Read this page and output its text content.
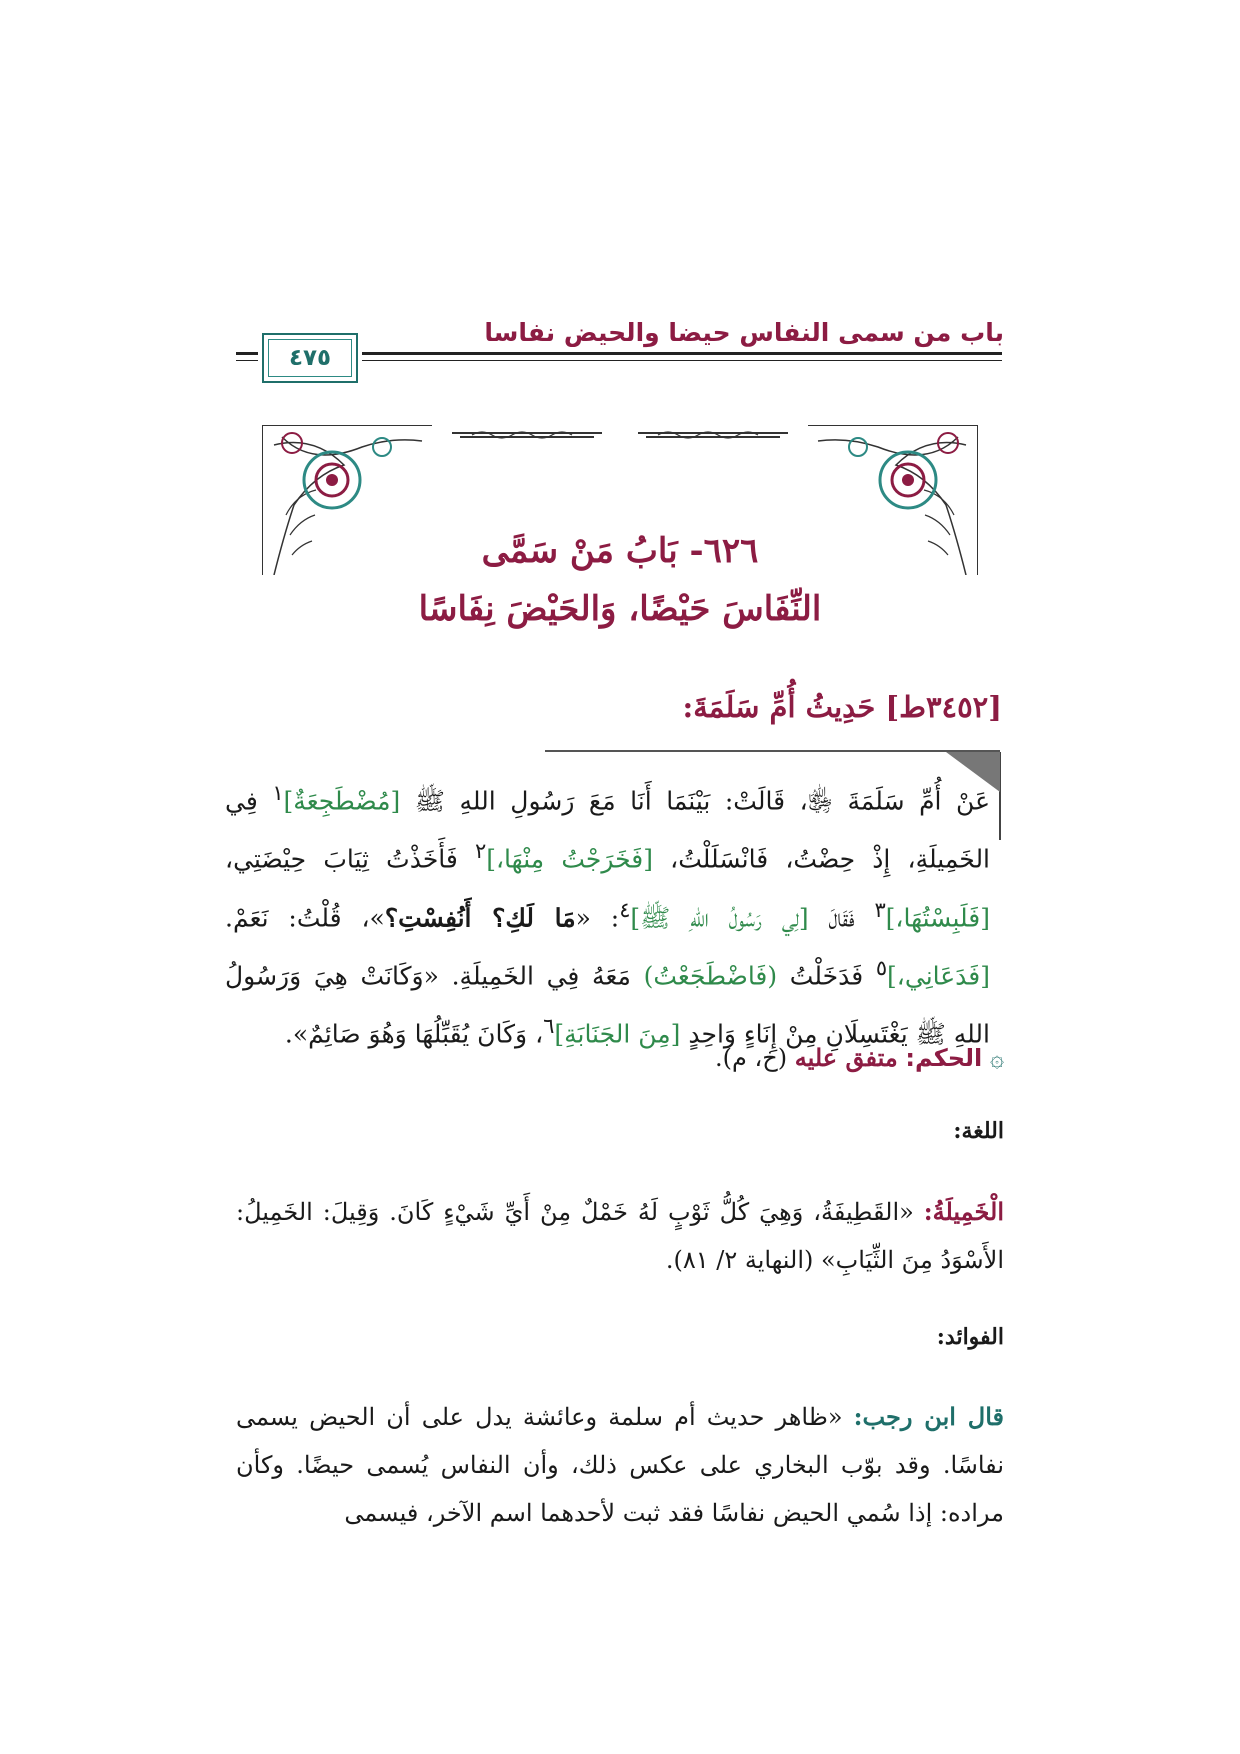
باب من سمى النفاس حيضا والحيض نفاسا
٤٧٥
٦٢٦- بَابُ مَنْ سَمَّى
النِّفَاسَ حَيْضًا، وَالحَيْضَ نِفَاسًا
[٣٤٥٢ط] حَدِيثُ أُمِّ سَلَمَةَ:
عَنْ أُمِّ سَلَمَةَ ﵂، قَالَتْ: بَيْنَمَا أَنَا مَعَ رَسُولِ اللهِ ﷺ [مُضْطَجِعَةٌ]$^١$ فِي الخَمِيلَةِ، إِذْ حِضْتُ، فَانْسَلَلْتُ، [فَخَرَجْتُ مِنْهَا،]$^٢$ فَأَخَذْتُ ثِيَابَ حِيْضَتِي، [فَلَبِسْتُهَا،]$^٣$ فَقَالَ [لِي رَسُولُ اللهِ ﷺ]$^٤$: «مَا لَكِ؟ أَنُفِسْتِ؟»، قُلْتُ: نَعَمْ. [فَدَعَانِي،]$^٥$ فَدَخَلْتُ (فَاضْطَجَعْتُ) مَعَهُ فِي الخَمِيلَةِ. «وَكَانَتْ هِيَ وَرَسُولُ اللهِ ﷺ يَغْتَسِلَانِ مِنْ إِنَاءٍ وَاحِدٍ [مِنَ الجَنَابَةِ]$^٦$، وَكَانَ يُقَبِّلُهَا وَهُوَ صَائِمٌ».
۞ الحكم: متفق عليه (خ، م).
اللغة:
الْخَمِيلَةُ: «القَطِيفَةُ، وَهِيَ كُلُّ ثَوْبٍ لَهُ خَمْلٌ مِنْ أَيِّ شَيْءٍ كَانَ. وَقِيلَ: الخَمِيلُ: الأَسْوَدُ مِنَ الثِّيَابِ» (النهاية ٢/ ٨١).
الفوائد:
قال ابن رجب: «ظاهر حديث أم سلمة وعائشة يدل على أن الحيض يسمى نفاسًا. وقد بوّب البخاري على عكس ذلك، وأن النفاس يُسمى حيضًا. وكأن مراده: إذا سُمي الحيض نفاسًا فقد ثبت لأحدهما اسم الآخر، فيسمى
